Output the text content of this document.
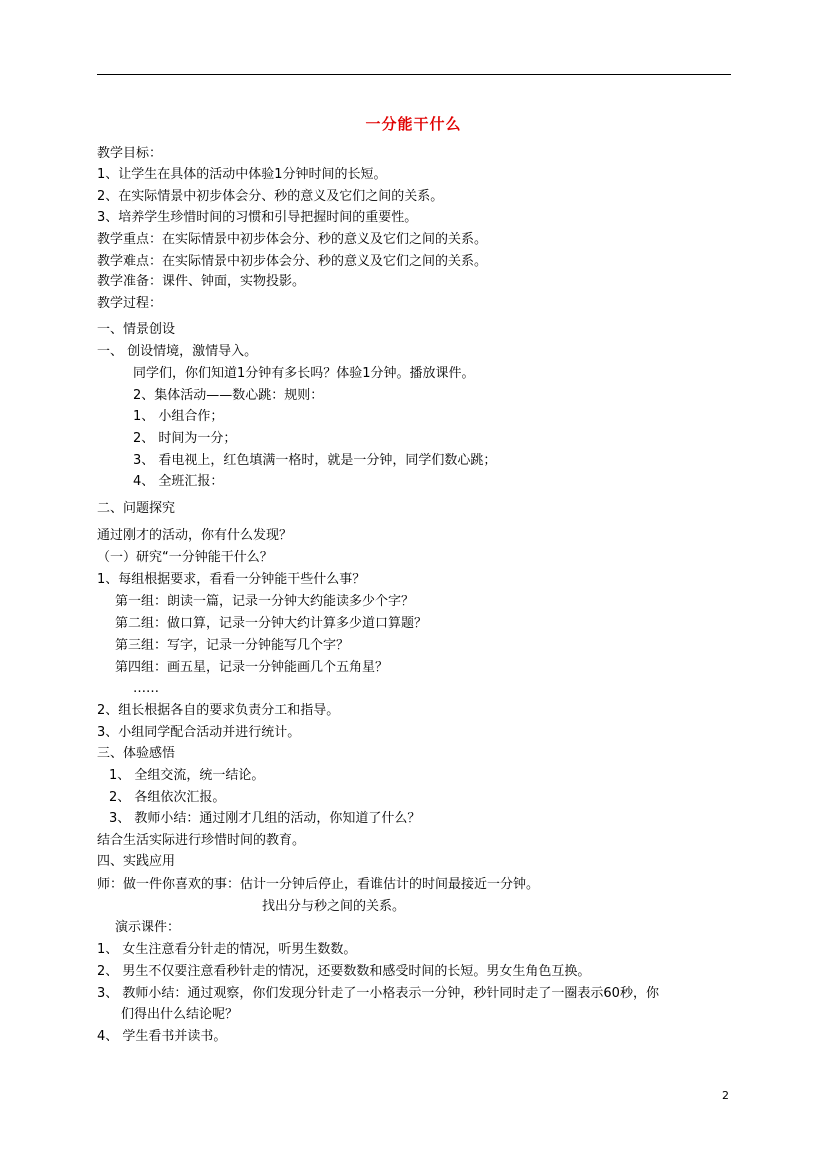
一分能干什么
教学目标：
1、让学生在具体的活动中体验1分钟时间的长短。
2、在实际情景中初步体会分、秒的意义及它们之间的关系。
3、培养学生珍惜时间的习惯和引导把握时间的重要性。
教学重点：在实际情景中初步体会分、秒的意义及它们之间的关系。
教学难点：在实际情景中初步体会分、秒的意义及它们之间的关系。
教学准备：课件、钟面，实物投影。
教学过程：
一、情景创设
一、 创设情境，激情导入。
同学们，你们知道1分钟有多长吗？体验1分钟。播放课件。
2、集体活动——数心跳：规则：
1、 小组合作；
2、 时间为一分；
3、 看电视上，红色填满一格时，就是一分钟，同学们数心跳；
4、 全班汇报：
二、问题探究
通过刚才的活动，你有什么发现？
（一）研究“一分钟能干什么？
1、每组根据要求，看看一分钟能干些什么事？
第一组：朗读一篇，记录一分钟大约能读多少个字？
第二组：做口算，记录一分钟大约计算多少道口算题？
第三组：写字，记录一分钟能写几个字？
第四组：画五星，记录一分钟能画几个五角星？
……
2、组长根据各自的要求负责分工和指导。
3、小组同学配合活动并进行统计。
三、体验感悟
1、 全组交流，统一结论。
2、 各组依次汇报。
3、 教师小结：通过刚才几组的活动，你知道了什么？
结合生活实际进行珍惜时间的教育。
四、实践应用
师：做一件你喜欢的事：估计一分钟后停止，看谁估计的时间最接近一分钟。
找出分与秒之间的关系。
演示课件：
1、 女生注意看分针走的情况，听男生数数。
2、 男生不仅要注意看秒针走的情况，还要数数和感受时间的长短。男女生角色互换。
3、 教师小结：通过观察，你们发现分针走了一小格表示一分钟，秒针同时走了一圈表示60秒，你
们得出什么结论呢？
4、 学生看书并读书。
2
